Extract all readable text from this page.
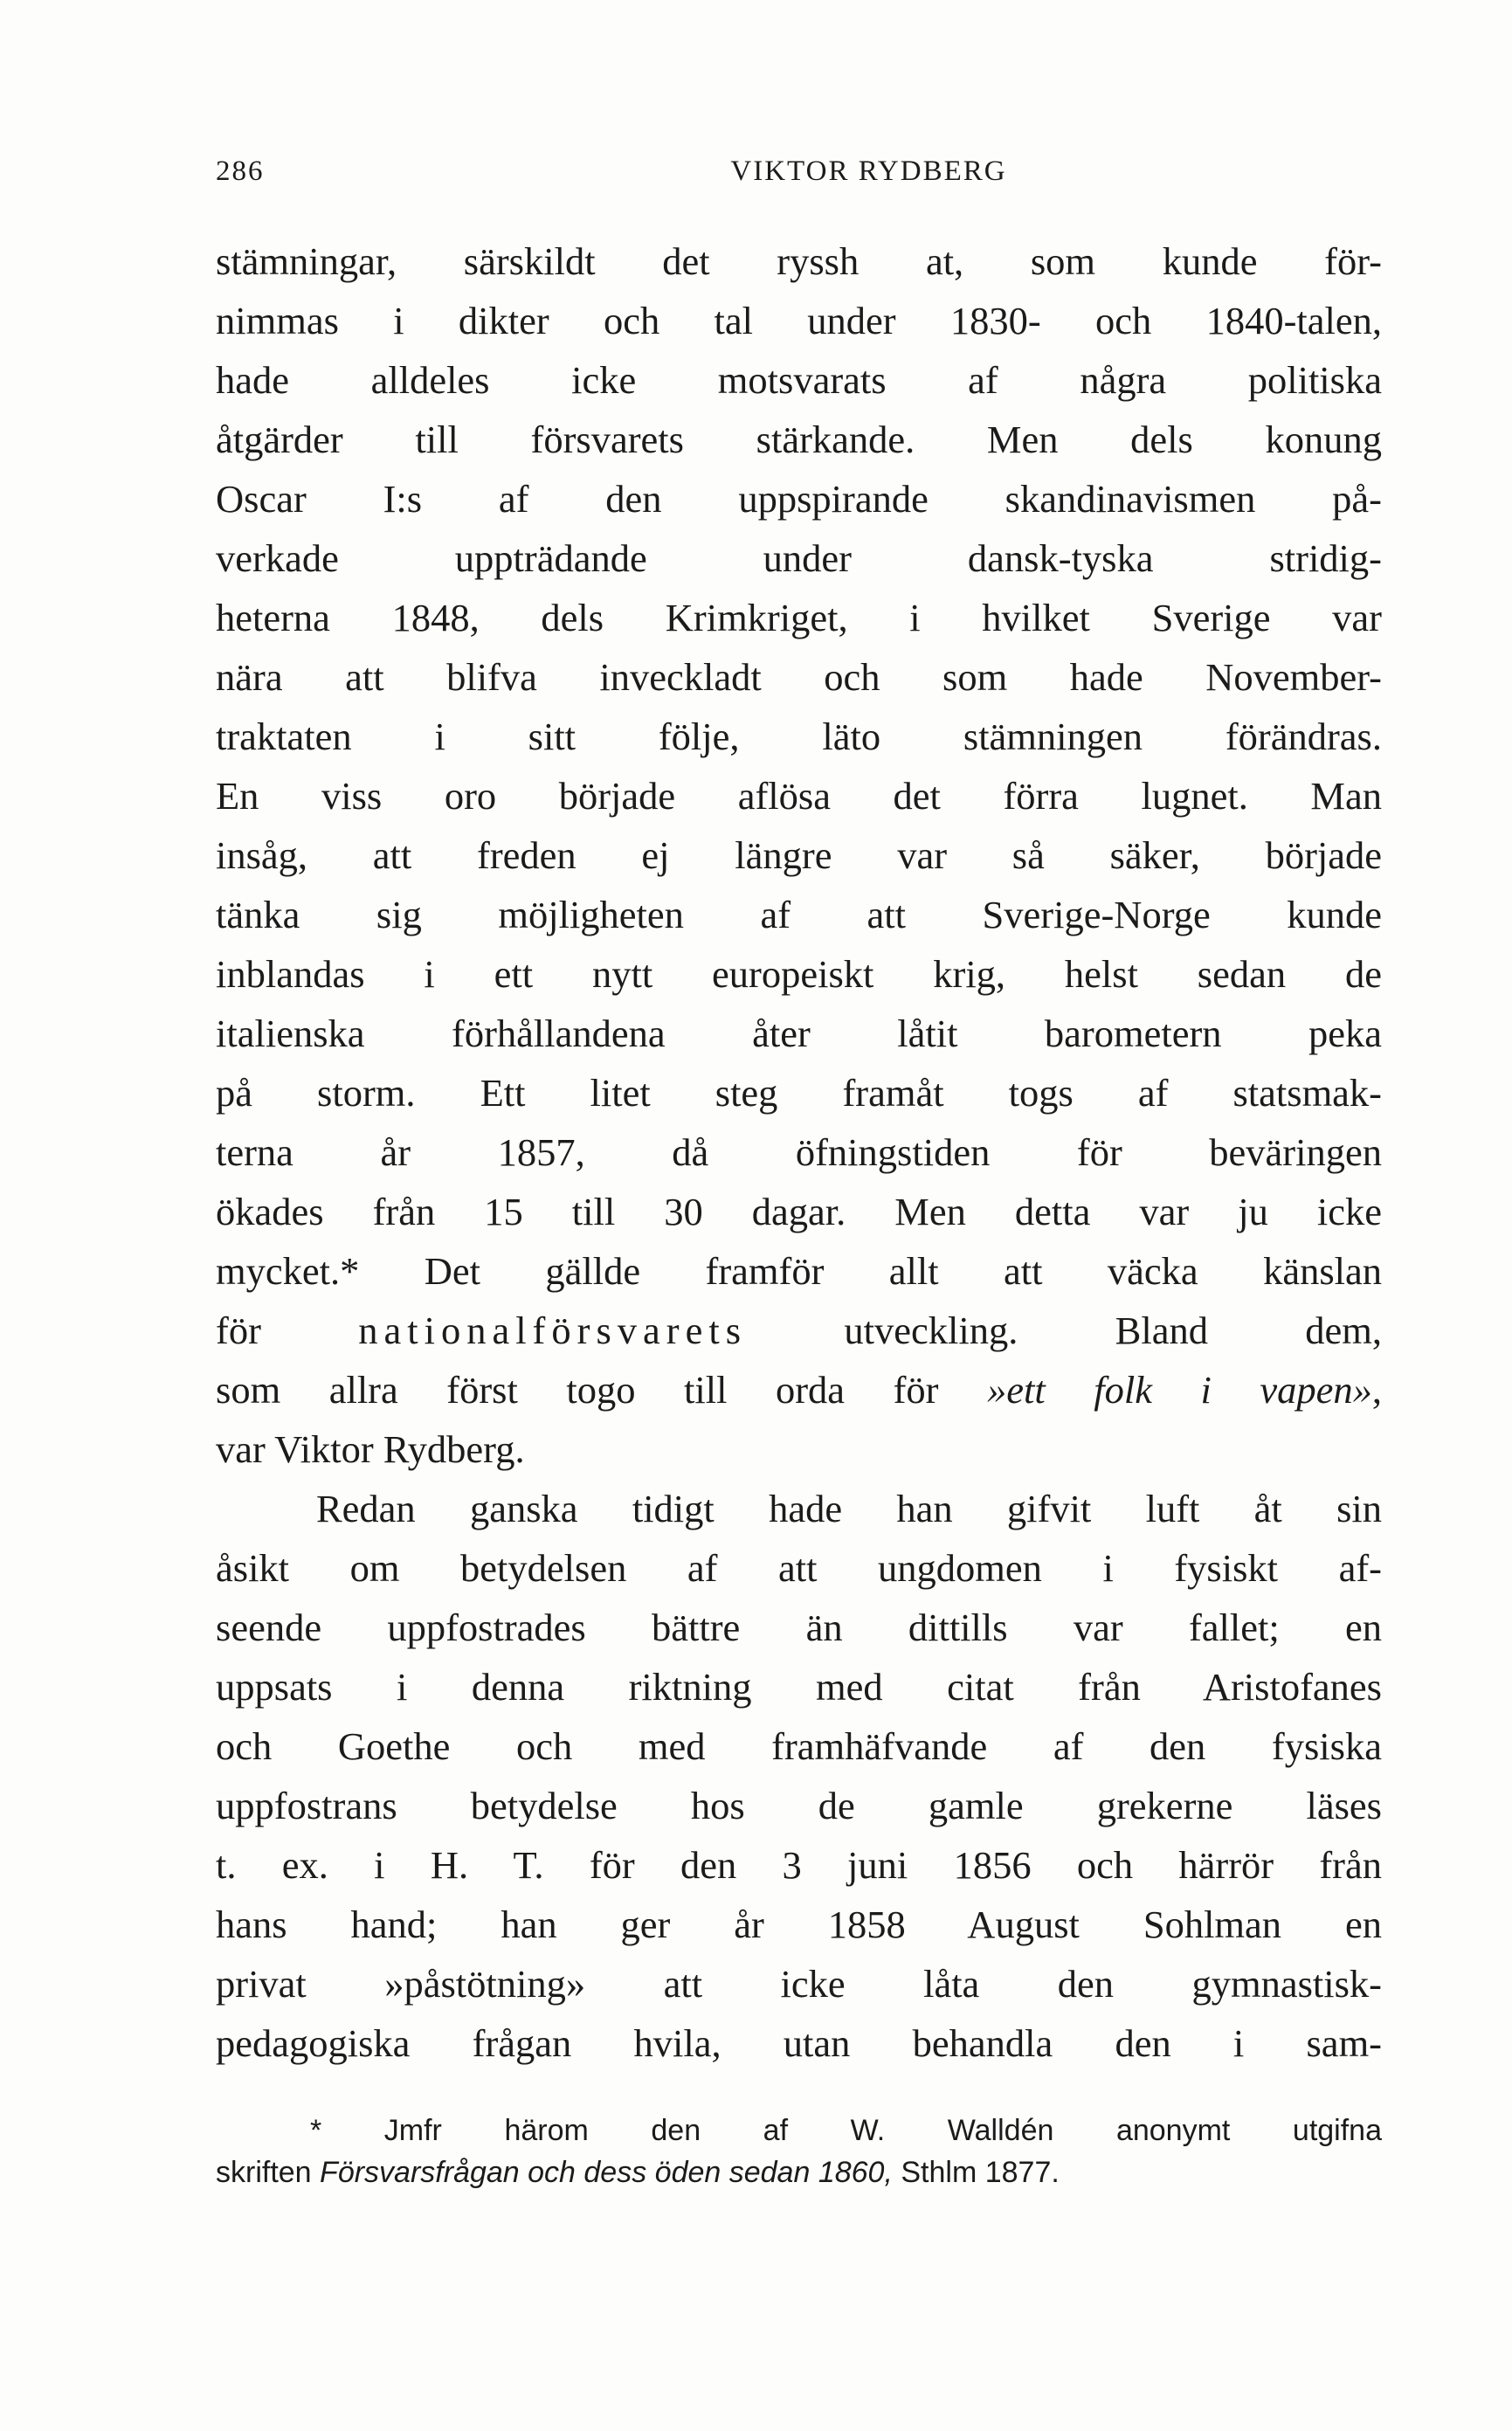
286	VIKTOR RYDBERG
stämningar, särskildt det ryssh at, som kunde för-
nimmas i dikter och tal under 1830- och 1840-talen,
hade alldeles icke motsvarats af några politiska
åtgärder till försvarets stärkande. Men dels konung
Oscar I:s af den uppspirande skandinavismen på-
verkade uppträdande under dansk-tyska stridig-
heterna 1848, dels Krimkriget, i hvilket Sverige var
nära att blifva inveckladt och som hade November-
traktaten i sitt följe, läto stämningen förändras.
En viss oro började aflösa det förra lugnet. Man
insåg, att freden ej längre var så säker, började
tänka sig möjligheten af att Sverige-Norge kunde
inblandas i ett nytt europeiskt krig, helst sedan de
italienska förhållandena åter låtit barometern peka
på storm. Ett litet steg framåt togs af statsmak-
terna år 1857, då öfningstiden för beväringen
ökades från 15 till 30 dagar. Men detta var ju icke
mycket.* Det gällde framför allt att väcka känslan
för	nationalförsvarets	utveckling. Bland dem,
som allra först togo till orda för »ett folk i vapen»,
var Viktor Rydberg.
Redan ganska tidigt hade han gifvit luft åt sin
åsikt om betydelsen af att ungdomen i fysiskt af-
seende uppfostrades bättre än dittills var fallet; en
uppsats i denna riktning med citat från Aristofanes
och Goethe och med framhäfvande af den fysiska
uppfostrans betydelse hos de gamle grekerne läses
t. ex. i H. T. för den 3 juni 1856 och härrör från
hans hand; han ger år 1858 August Sohlman en
privat »påstötning» att icke låta den gymnastisk-
pedagogiska frågan hvila, utan behandla den i sam-
* Jmfr härom den af W. Walldén anonymt utgifna
skriften Försvarsfrågan och dess öden sedan 1860, Sthlm 1877.
